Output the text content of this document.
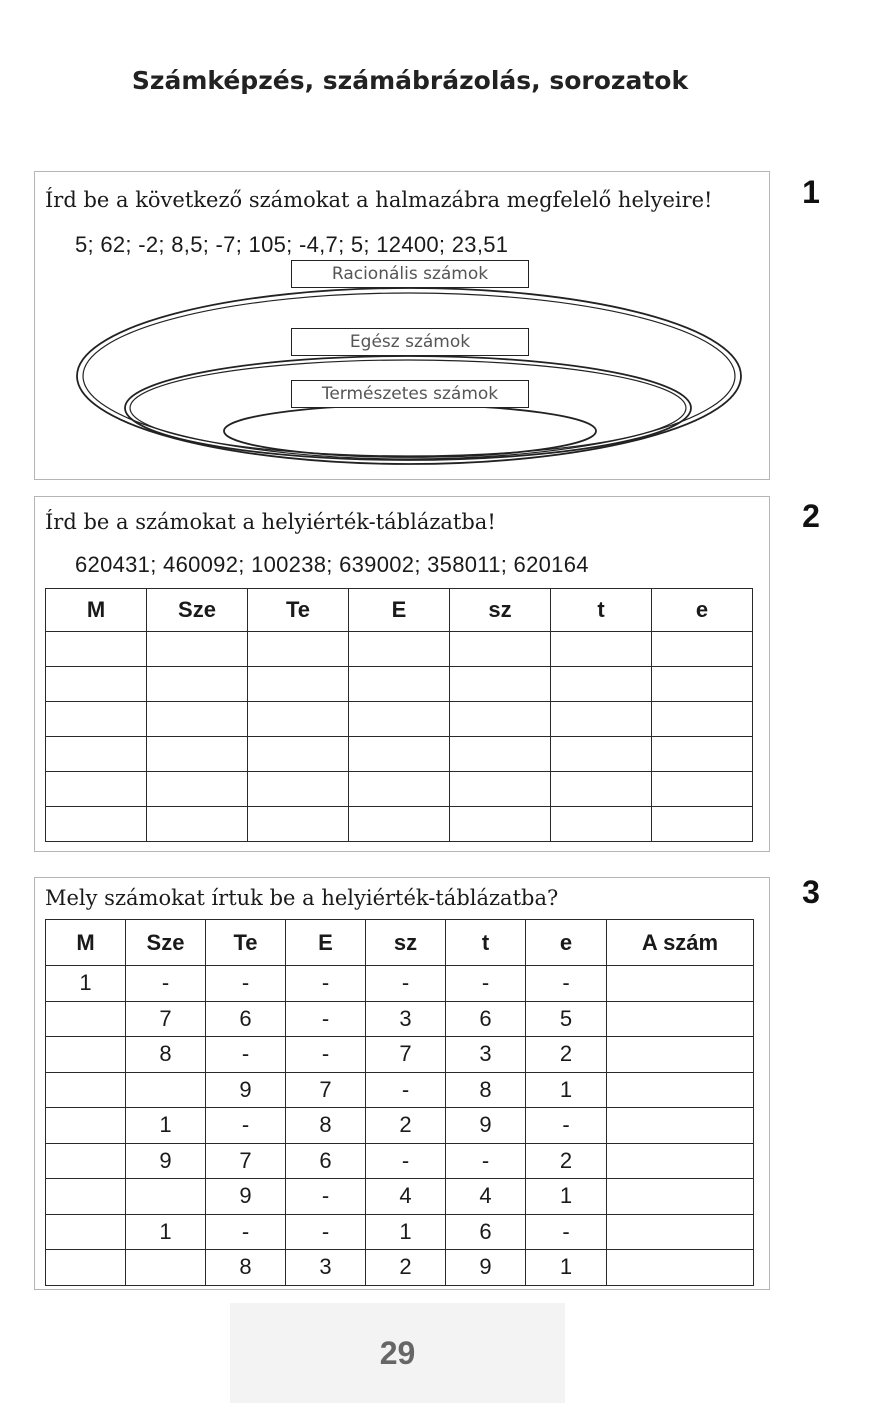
Számképzés, számábrázolás, sorozatok
Írd be a következő számokat a halmazábra megfelelő helyeire!
5; 62; -2; 8,5; -7; 105; -4,7; 5; 12400; 23,51
Racionális számok
Egész számok
Természetes számok
1
Írd be a számokat a helyiérték-táblázatba!
620431; 460092; 100238; 639002; 358011; 620164
M	Sze	Te	E	sz	t	e

2
Mely számokat írtuk be a helyiérték-táblázatba?
M	Sze	Te	E	sz	t	e	A szám
1	-	-	-	-	-	-	
	7	6	-	3	6	5	
	8	-	-	7	3	2	
		9	7	-	8	1	
	1	-	8	2	9	-	
	9	7	6	-	-	2	
		9	-	4	4	1	
	1	-	-	1	6	-	
		8	3	2	9	1	
3
29
